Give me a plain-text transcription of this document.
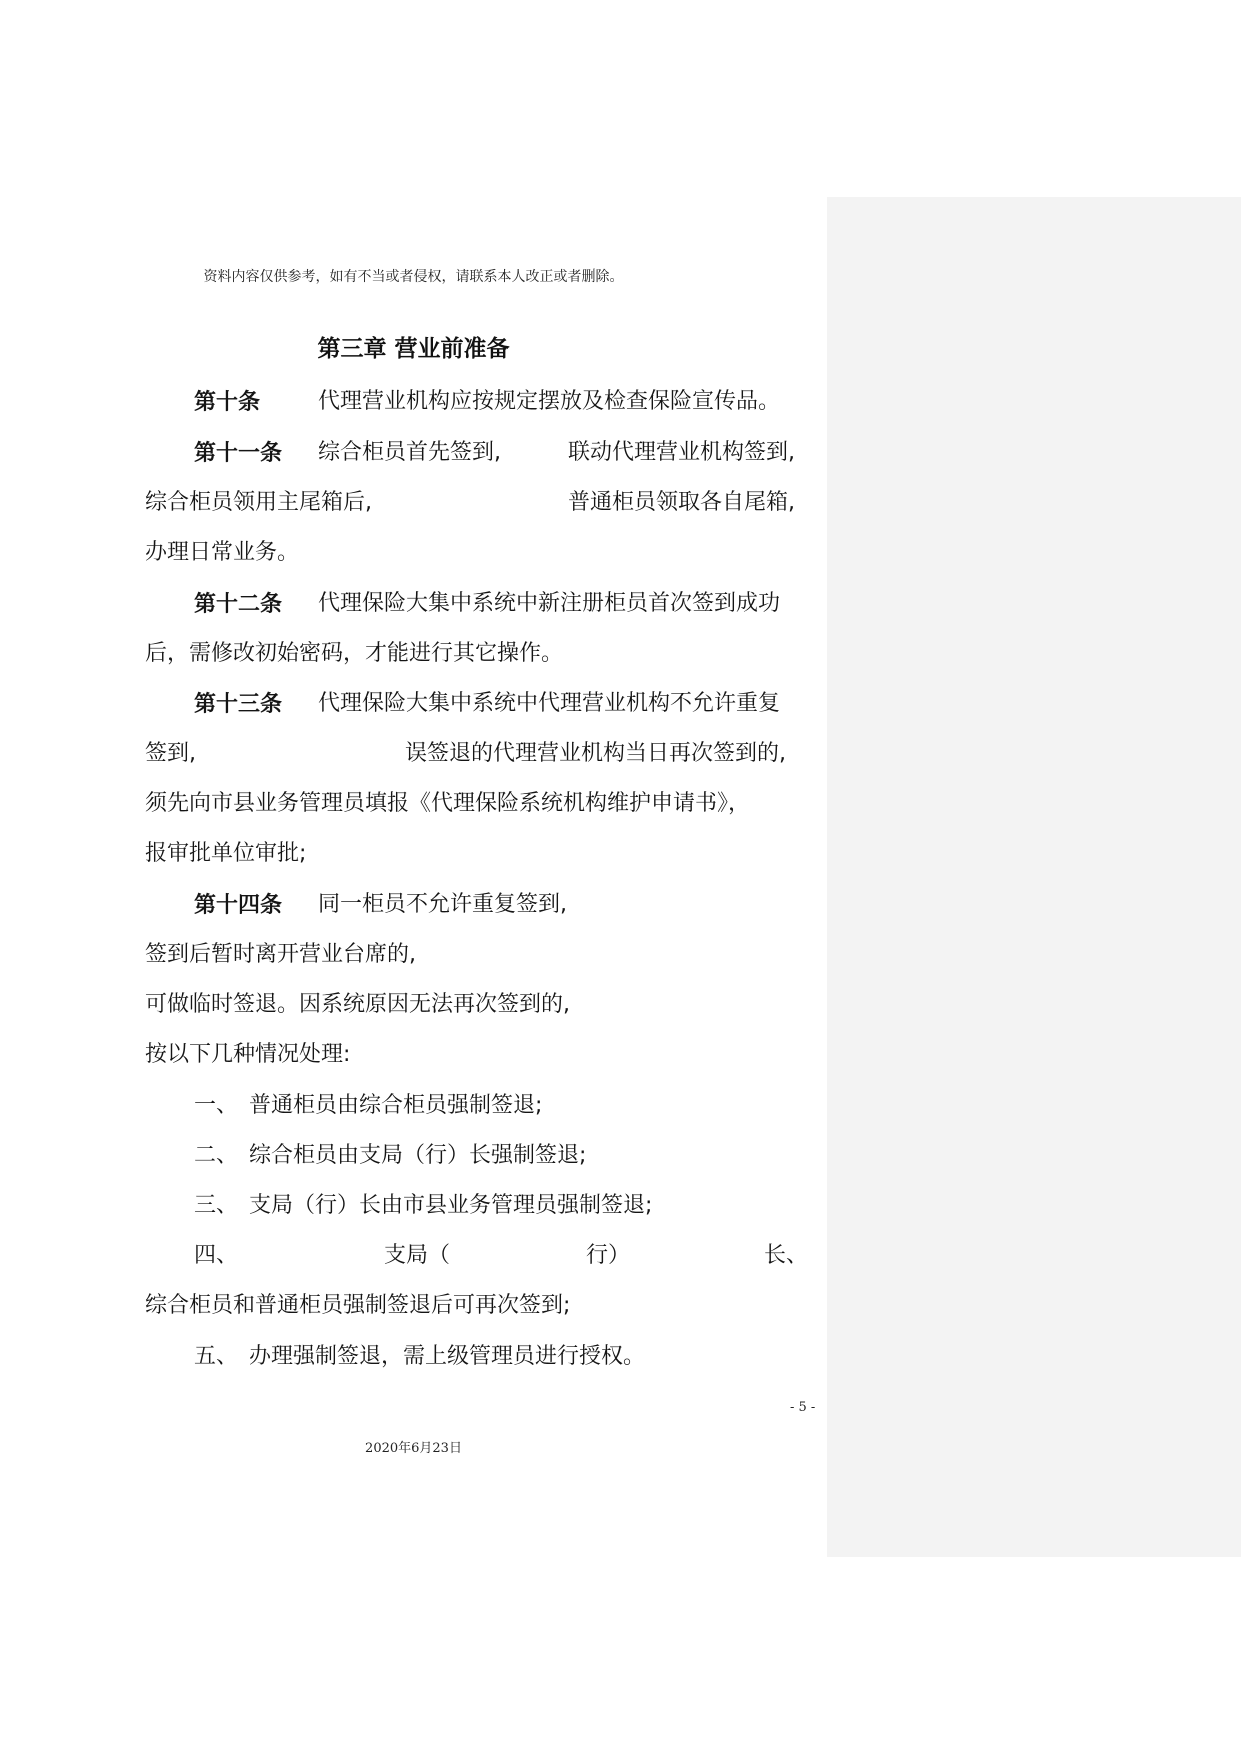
资料内容仅供参考，如有不当或者侵权，请联系本人改正或者删除。
第三章 营业前准备
第十条	代理营业机构应按规定摆放及检查保险宣传品。
第十一条 综合柜员首先签到,	联动代理营业机构签到,
综合柜员领用主尾箱后,	普通柜员领取各自尾箱,
办理日常业务。
第十二条 代理保险大集中系统中新注册柜员首次签到成功
后，需修改初始密码，才能进行其它操作。
第十三条 代理保险大集中系统中代理营业机构不允许重复
签到,	误签退的代理营业机构当日再次签到的,
须先向市县业务管理员填报《代理保险系统机构维护申请书》，
报审批单位审批;
第十四条 同一柜员不允许重复签到,
签到后暂时离开营业台席的,
可做临时签退。因系统原因无法再次签到的,
按以下几种情况处理:
一、 普通柜员由综合柜员强制签退;
二、 综合柜员由支局（行）长强制签退;
三、 支局（行）长由市县业务管理员强制签退;
四、	支局（	行）	长、
综合柜员和普通柜员强制签退后可再次签到;
五、 办理强制签退，需上级管理员进行授权。
- 5 -
2020年6月23日
